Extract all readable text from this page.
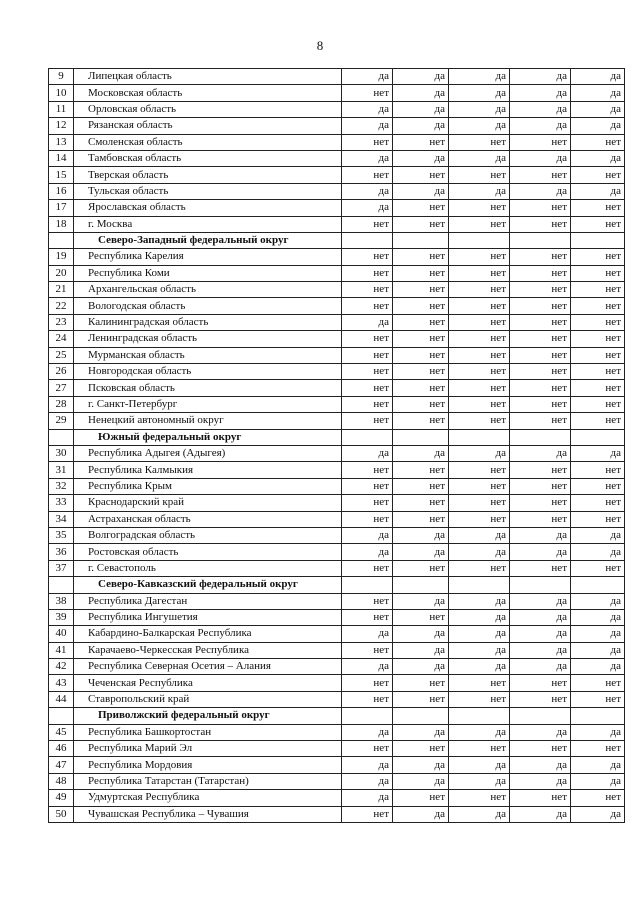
8
9	Липецкая область	да	да	да	да	да
10	Московская область	нет	да	да	да	да
11	Орловская область	да	да	да	да	да
12	Рязанская область	да	да	да	да	да
13	Смоленская область	нет	нет	нет	нет	нет
14	Тамбовская область	да	да	да	да	да
15	Тверская область	нет	нет	нет	нет	нет
16	Тульская область	да	да	да	да	да
17	Ярославская область	да	нет	нет	нет	нет
18	г. Москва	нет	нет	нет	нет	нет
	Северо-Западный федеральный округ					
19	Республика Карелия	нет	нет	нет	нет	нет
20	Республика Коми	нет	нет	нет	нет	нет
21	Архангельская область	нет	нет	нет	нет	нет
22	Вологодская область	нет	нет	нет	нет	нет
23	Калининградская область	да	нет	нет	нет	нет
24	Ленинградская область	нет	нет	нет	нет	нет
25	Мурманская область	нет	нет	нет	нет	нет
26	Новгородская область	нет	нет	нет	нет	нет
27	Псковская область	нет	нет	нет	нет	нет
28	г. Санкт-Петербург	нет	нет	нет	нет	нет
29	Ненецкий автономный округ	нет	нет	нет	нет	нет
	Южный федеральный округ					
30	Республика Адыгея (Адыгея)	да	да	да	да	да
31	Республика Калмыкия	нет	нет	нет	нет	нет
32	Республика Крым	нет	нет	нет	нет	нет
33	Краснодарский край	нет	нет	нет	нет	нет
34	Астраханская область	нет	нет	нет	нет	нет
35	Волгоградская область	да	да	да	да	да
36	Ростовская область	да	да	да	да	да
37	г. Севастополь	нет	нет	нет	нет	нет
	Северо-Кавказский федеральный округ					
38	Республика Дагестан	нет	да	да	да	да
39	Республика Ингушетия	нет	нет	да	да	да
40	Кабардино-Балкарская Республика	да	да	да	да	да
41	Карачаево-Черкесская Республика	нет	да	да	да	да
42	Республика Северная Осетия – Алания	да	да	да	да	да
43	Чеченская Республика	нет	нет	нет	нет	нет
44	Ставропольский край	нет	нет	нет	нет	нет
	Приволжский федеральный округ					
45	Республика Башкортостан	да	да	да	да	да
46	Республика Марий Эл	нет	нет	нет	нет	нет
47	Республика Мордовия	да	да	да	да	да
48	Республика Татарстан (Татарстан)	да	да	да	да	да
49	Удмуртская Республика	да	нет	нет	нет	нет
50	Чувашская Республика – Чувашия	нет	да	да	да	да
